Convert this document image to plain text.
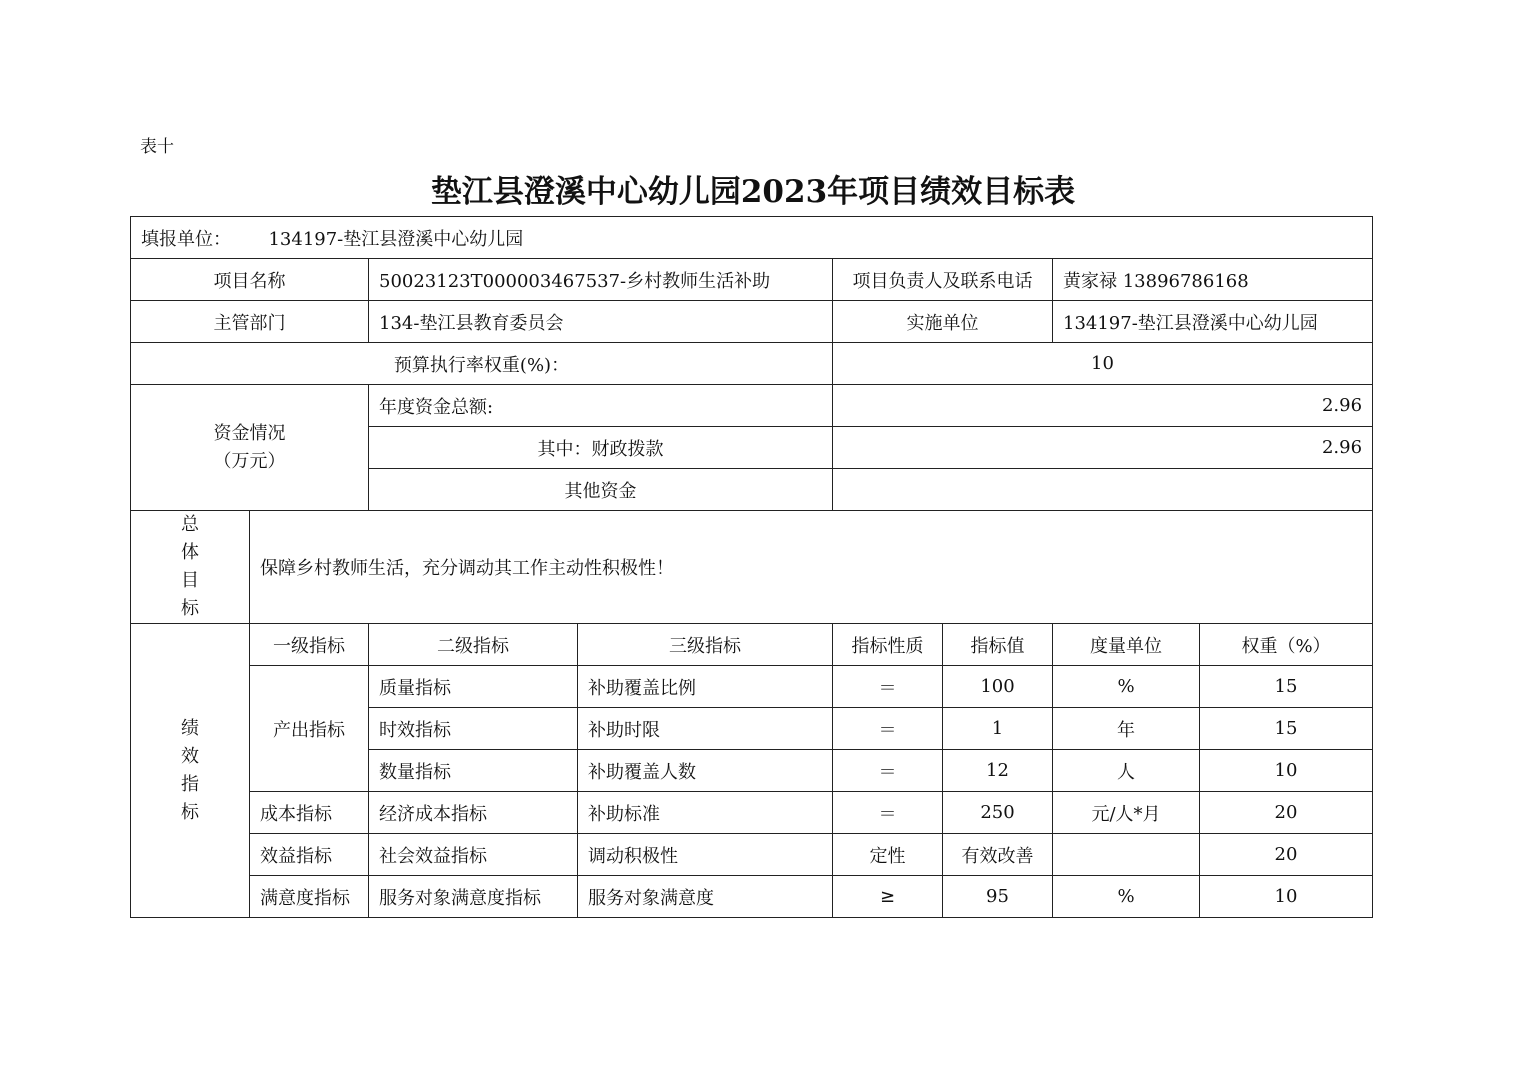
表十
垫江县澄溪中心幼儿园2023年项目绩效目标表
填报单位： 134197-垫江县澄溪中心幼儿园							
项目名称		50023123T000003467537-乡村教师生活补助		项目负责人及联系电话		黄家禄 13896786168	
主管部门		134-垫江县教育委员会		实施单位		134197-垫江县澄溪中心幼儿园	
预算执行率权重(%)：				10			

资金情况
（万元）		年度资金总额:		2.96			
		其中：财政拨款		2.96			
		其他资金					

总
体
目
标	保障乡村教师生活，充分调动其工作主动性积极性！						

绩
效
指
标	一级指标	二级指标	三级指标	指标性质	指标值	度量单位	权重（%）
	产出指标	质量指标	补助覆盖比例	＝	100	%	15
		时效指标	补助时限	＝	1	年	15
		数量指标	补助覆盖人数	＝	12	人	10
	成本指标	经济成本指标	补助标准	＝	250	元/人*月	20
	效益指标	社会效益指标	调动积极性	定性	有效改善		20
	满意度指标	服务对象满意度指标	服务对象满意度	≥	95	%	10
